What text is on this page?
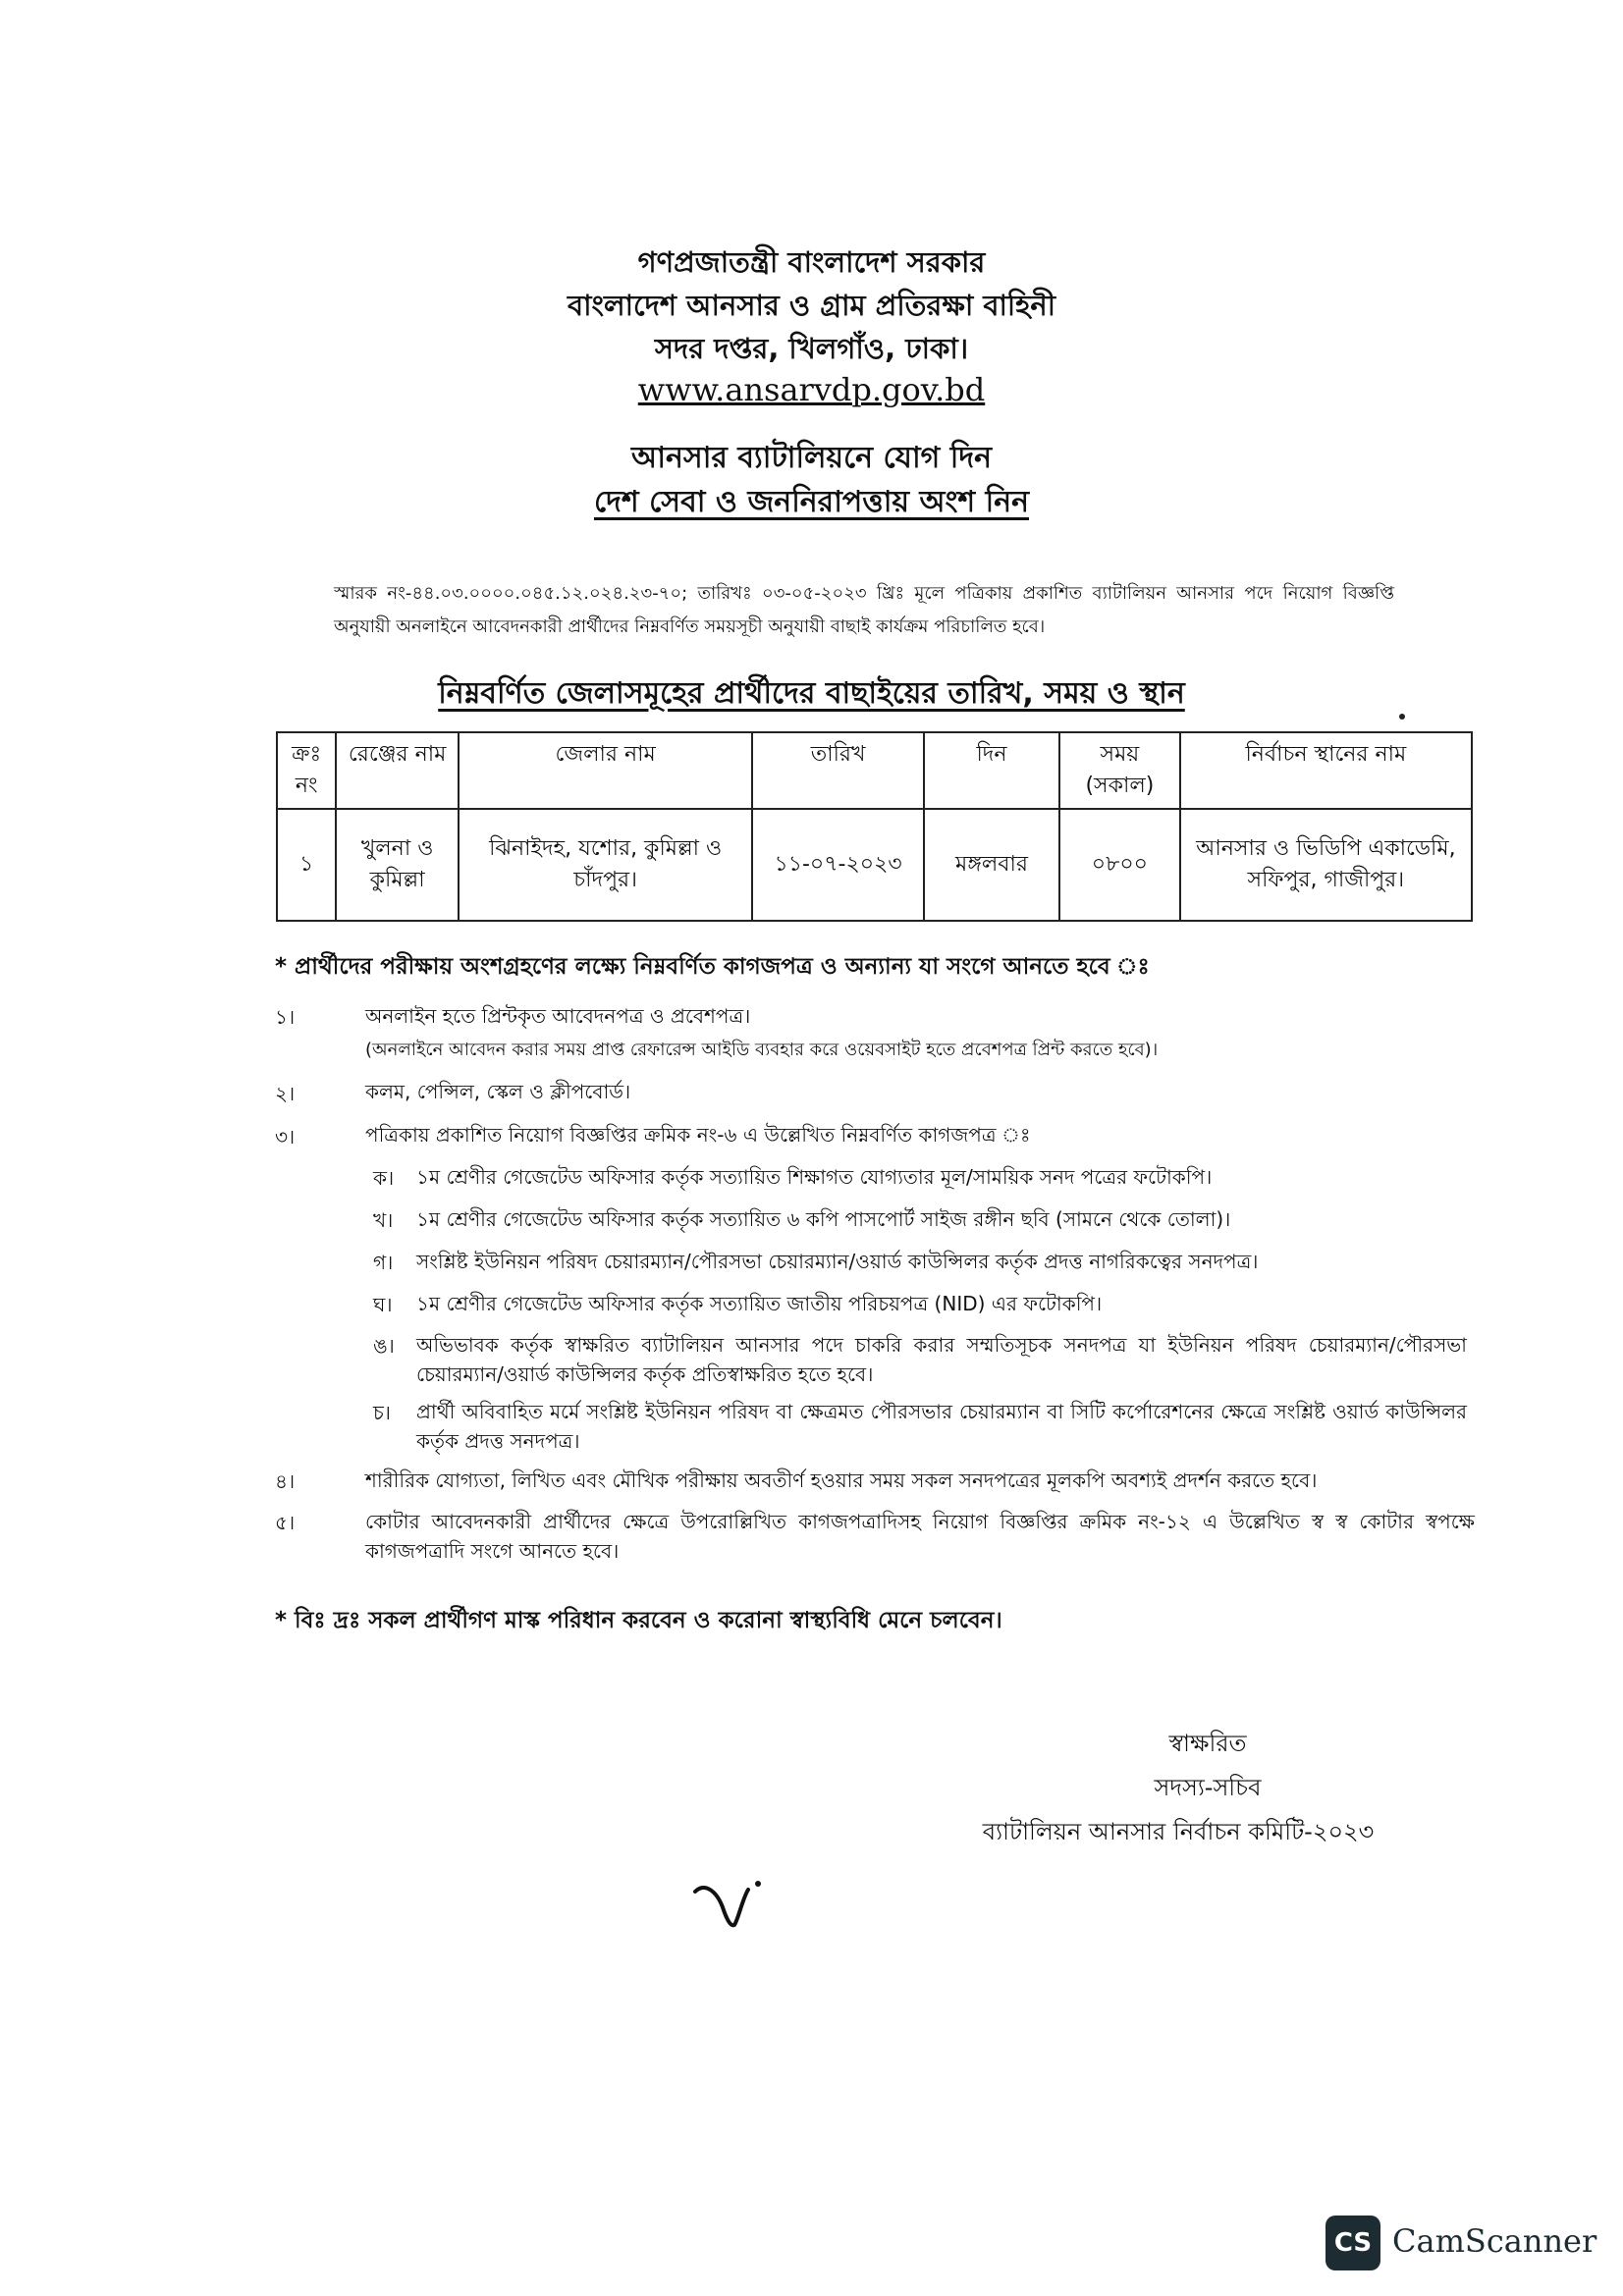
গণপ্রজাতন্ত্রী বাংলাদেশ সরকার
বাংলাদেশ আনসার ও গ্রাম প্রতিরক্ষা বাহিনী
সদর দপ্তর, খিলগাঁও, ঢাকা।
www.ansarvdp.gov.bd
আনসার ব্যাটালিয়নে যোগ দিন
দেশ সেবা ও জননিরাপত্তায় অংশ নিন
স্মারক নং-৪৪.০৩.০০০০.০৪৫.১২.০২৪.২৩-৭০; তারিখঃ ০৩-০৫-২০২৩ খ্রিঃ মূলে পত্রিকায় প্রকাশিত ব্যাটালিয়ন আনসার পদে নিয়োগ বিজ্ঞপ্তি অনুযায়ী অনলাইনে আবেদনকারী প্রার্থীদের নিম্নবর্ণিত সময়সূচী অনুযায়ী বাছাই কার্যক্রম পরিচালিত হবে।
নিম্নবর্ণিত জেলাসমূহের প্রার্থীদের বাছাইয়ের তারিখ, সময় ও স্থান
ক্রঃ নং	রেঞ্জের নাম	জেলার নাম	তারিখ	দিন	সময় (সকাল)	নির্বাচন স্থানের নাম
১	খুলনা ও কুমিল্লা	ঝিনাইদহ, যশোর, কুমিল্লা ও চাঁদপুর।	১১-০৭-২০২৩	মঙ্গলবার	০৮০০	আনসার ও ভিডিপি একাডেমি, সফিপুর, গাজীপুর।
* প্রার্থীদের পরীক্ষায় অংশগ্রহণের লক্ষ্যে নিম্নবর্ণিত কাগজপত্র ও অন্যান্য যা সংগে আনতে হবে ঃ
১।	অনলাইন হতে প্রিন্টকৃত আবেদনপত্র ও প্রবেশপত্র।
(অনলাইনে আবেদন করার সময় প্রাপ্ত রেফারেন্স আইডি ব্যবহার করে ওয়েবসাইট হতে প্রবেশপত্র প্রিন্ট করতে হবে)।
২।	কলম, পেন্সিল, স্কেল ও ক্লীপবোর্ড।
৩।	পত্রিকায় প্রকাশিত নিয়োগ বিজ্ঞপ্তির ক্রমিক নং-৬ এ উল্লেখিত নিম্নবর্ণিত কাগজপত্র ঃ
ক। ১ম শ্রেণীর গেজেটেড অফিসার কর্তৃক সত্যায়িত শিক্ষাগত যোগ্যতার মূল/সাময়িক সনদ পত্রের ফটোকপি।
খ। ১ম শ্রেণীর গেজেটেড অফিসার কর্তৃক সত্যায়িত ৬ কপি পাসপোর্ট সাইজ রঙ্গীন ছবি (সামনে থেকে তোলা)।
গ। সংশ্লিষ্ট ইউনিয়ন পরিষদ চেয়ারম্যান/পৌরসভা চেয়ারম্যান/ওয়ার্ড কাউন্সিলর কর্তৃক প্রদত্ত নাগরিকত্বের সনদপত্র।
ঘ। ১ম শ্রেণীর গেজেটেড অফিসার কর্তৃক সত্যায়িত জাতীয় পরিচয়পত্র (NID) এর ফটোকপি।
ঙ। অভিভাবক কর্তৃক স্বাক্ষরিত ব্যাটালিয়ন আনসার পদে চাকরি করার সম্মতিসূচক সনদপত্র যা ইউনিয়ন পরিষদ চেয়ারম্যান/পৌরসভা চেয়ারম্যান/ওয়ার্ড কাউন্সিলর কর্তৃক প্রতিস্বাক্ষরিত হতে হবে।
চ। প্রার্থী অবিবাহিত মর্মে সংশ্লিষ্ট ইউনিয়ন পরিষদ বা ক্ষেত্রমত পৌরসভার চেয়ারম্যান বা সিটি কর্পোরেশনের ক্ষেত্রে সংশ্লিষ্ট ওয়ার্ড কাউন্সিলর কর্তৃক প্রদত্ত সনদপত্র।
৪।	শারীরিক যোগ্যতা, লিখিত এবং মৌখিক পরীক্ষায় অবতীর্ণ হওয়ার সময় সকল সনদপত্রের মূলকপি অবশ্যই প্রদর্শন করতে হবে।
৫।	কোটার আবেদনকারী প্রার্থীদের ক্ষেত্রে উপরোল্লিখিত কাগজপত্রাদিসহ নিয়োগ বিজ্ঞপ্তির ক্রমিক নং-১২ এ উল্লেখিত স্ব স্ব কোটার স্বপক্ষে কাগজপত্রাদি সংগে আনতে হবে।
* বিঃ দ্রঃ সকল প্রার্থীগণ মাস্ক পরিধান করবেন ও করোনা স্বাস্থ্যবিধি মেনে চলবেন।
স্বাক্ষরিত
সদস্য-সচিব
ব্যাটালিয়ন আনসার নির্বাচন কমিটি-২০২৩
CS CamScanner
